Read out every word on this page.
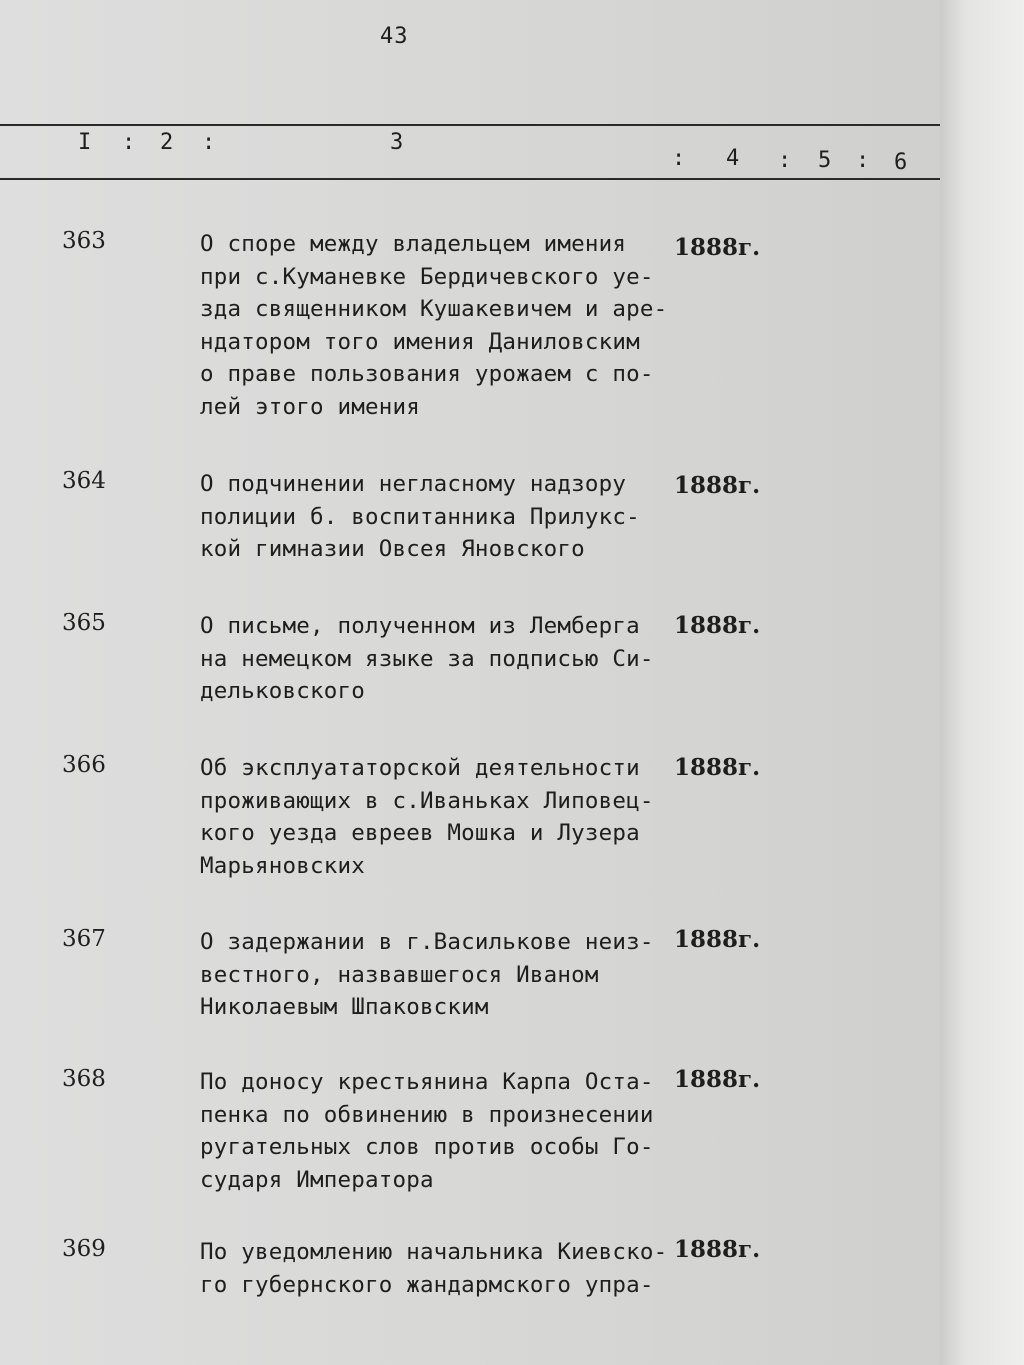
43
I : 2 :	3
: 4 : 5 : 6
363	О споре между владельцем имения
при с.Куманевке Бердичевского уе-
зда священником Кушакевичем и аре-
ндатором того имения Даниловским
о праве пользования урожаем с по-
лей этого имения
1888г.
364	О подчинении негласному надзору
полиции б. воспитанника Прилукс-
кой гимназии Овсея Яновского
1888г.
365	О письме, полученном из Лемберга
на немецком языке за подписью Си-
дельковского
1888г.
366	Об эксплуататорской деятельности
проживающих в с.Иваньках Липовец-
кого уезда евреев Мошка и Лузера
Марьяновских
1888г.
367	О задержании в г.Василькове неиз-
вестного, назвавшегося Иваном
Николаевым Шпаковским
1888г.
368	По доносу крестьянина Карпа Оста-
пенка по обвинению в произнесении
ругательных слов против особы Го-
сударя Императора
1888г.
369	По уведомлению начальника Киевско-
го губернского жандармского упра-
1888г.
